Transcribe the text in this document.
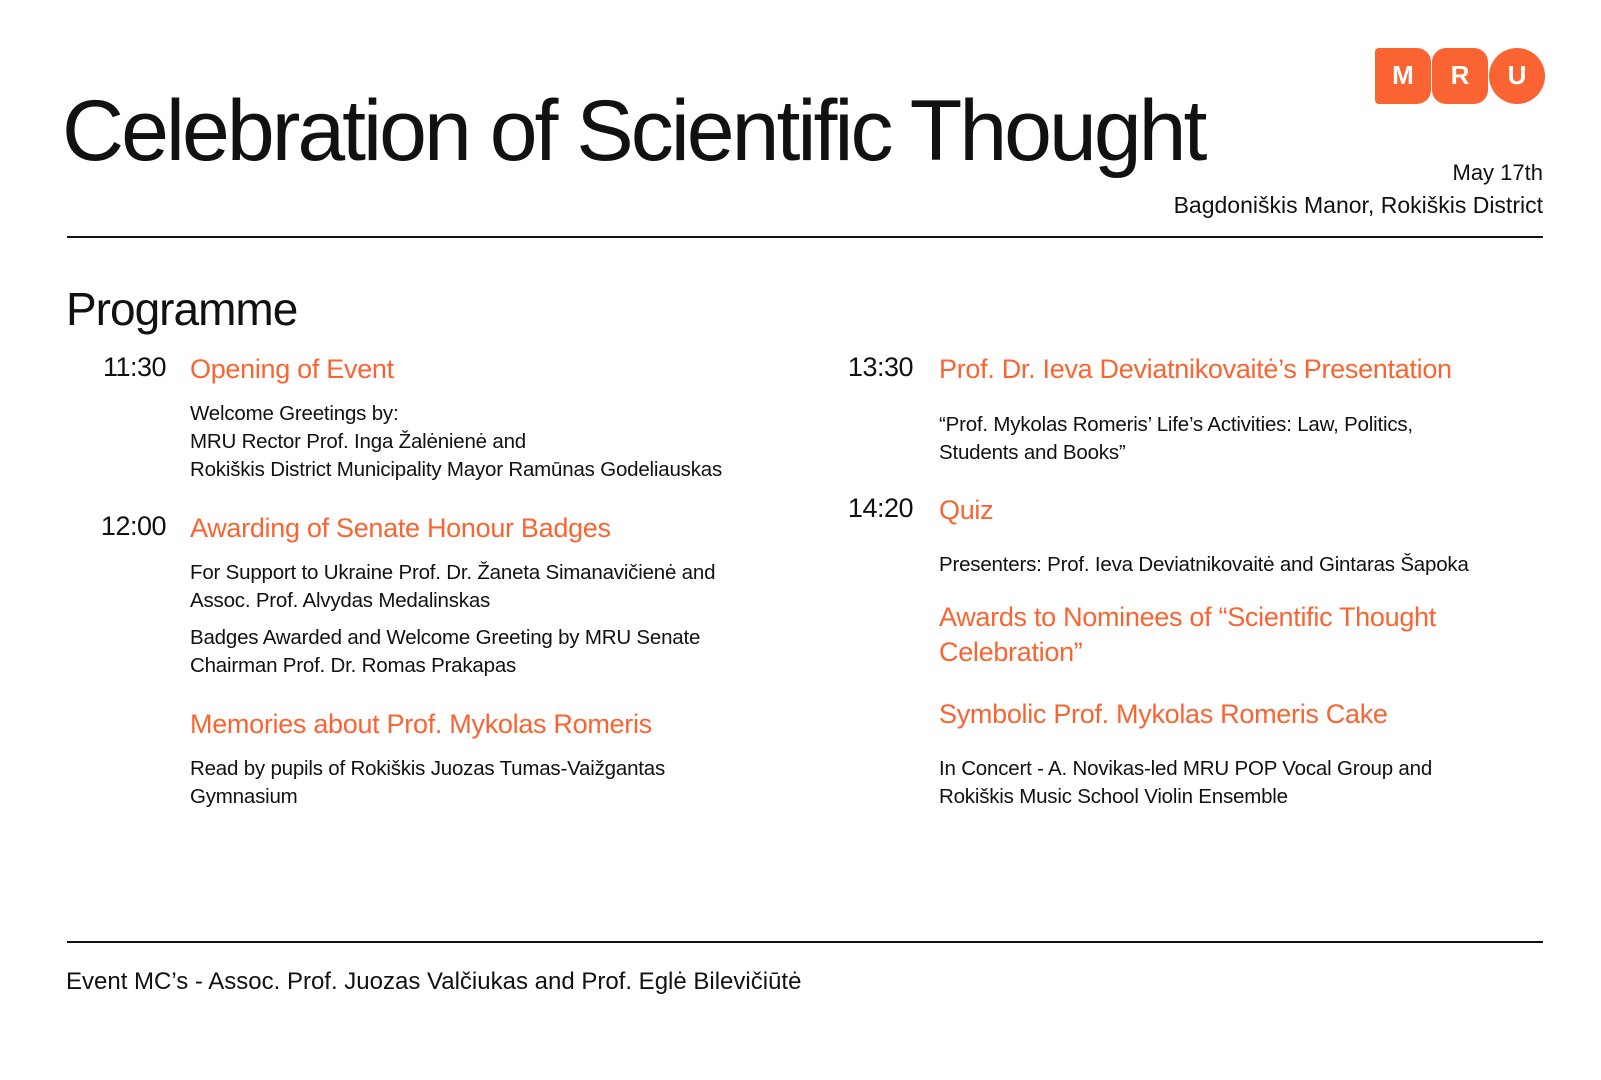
Celebration of Scientific Thought
M	R	U
May 17th
Bagdoniškis Manor, Rokiškis District
Programme
11:30 Opening of Event
Welcome Greetings by:
MRU Rector Prof. Inga Žalėnienė and
Rokiškis District Municipality Mayor Ramūnas Godeliauskas
12:00 Awarding of Senate Honour Badges
For Support to Ukraine Prof. Dr. Žaneta Simanavičienė and
Assoc. Prof. Alvydas Medalinskas
Badges Awarded and Welcome Greeting by MRU Senate
Chairman Prof. Dr. Romas Prakapas
Memories about Prof. Mykolas Romeris
Read by pupils of Rokiškis Juozas Tumas-Vaižgantas
Gymnasium
13:30 Prof. Dr. Ieva Deviatnikovaitė’s Presentation
“Prof. Mykolas Romeris’ Life’s Activities: Law, Politics,
Students and Books”
14:20 Quiz
Presenters: Prof. Ieva Deviatnikovaitė and Gintaras Šapoka
Awards to Nominees of “Scientific Thought
Celebration”
Symbolic Prof. Mykolas Romeris Cake
In Concert - A. Novikas-led MRU POP Vocal Group and
Rokiškis Music School Violin Ensemble
Event MC’s - Assoc. Prof. Juozas Valčiukas and Prof. Eglė Bilevičiūtė
